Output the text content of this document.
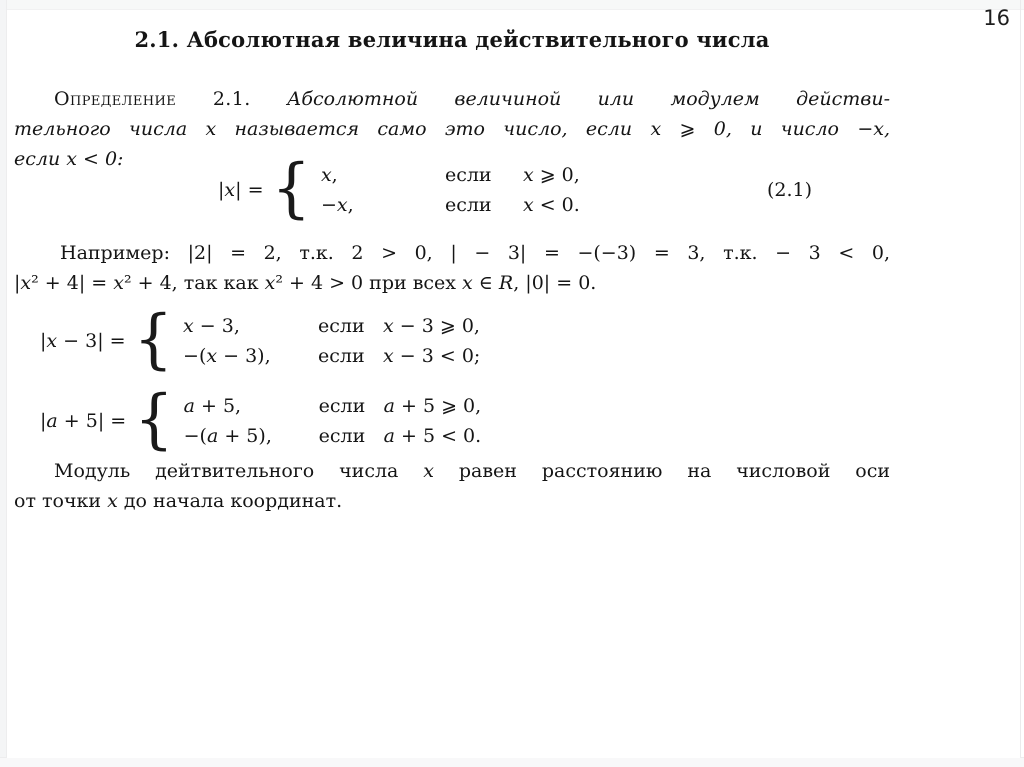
16
2.1. Абсолютная величина действительного числа
Определение 2.1. Абсолютной величиной или модулем действи-
тельного числа x называется само это число, если x ⩾ 0, и число −x,
если x < 0:
|x| = { x,	если	x ⩾ 0,
−x,	если	x < 0.
(2.1)
Например: |2| = 2, т.к. 2 > 0, | − 3| = −(−3) = 3, т.к. − 3 < 0,
|x² + 4| = x² + 4, так как x² + 4 > 0 при всех x ∈ R, |0| = 0.
|x − 3| = { x − 3,	если x − 3 ⩾ 0,
−(x − 3),	если x − 3 < 0;
|a + 5| = { a + 5,	если a + 5 ⩾ 0,
−(a + 5),	если a + 5 < 0.
Модуль дейтвительного числа x равен расстоянию на числовой оси
от точки x до начала координат.
